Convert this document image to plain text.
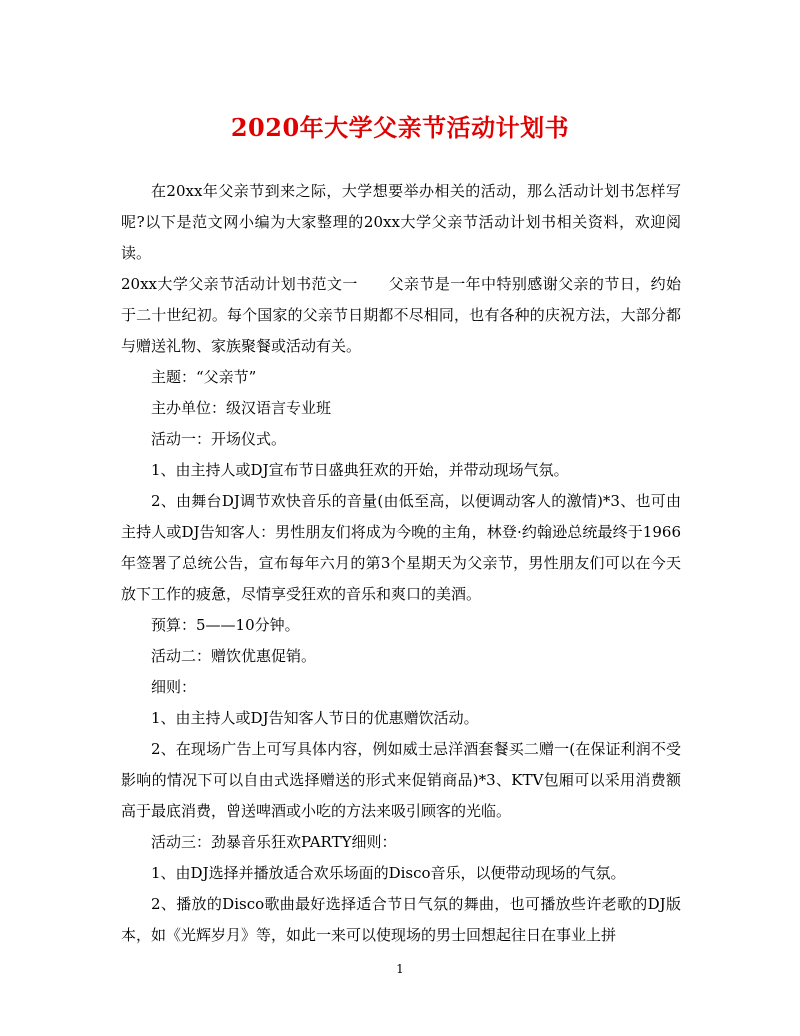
2020年大学父亲节活动计划书

在20xx年父亲节到来之际，大学想要举办相关的活动，那么活动计划书怎样写呢?以下是范文网小编为大家整理的20xx大学父亲节活动计划书相关资料，欢迎阅读。

20xx大学父亲节活动计划书范文一　　父亲节是一年中特别感谢父亲的节日，约始于二十世纪初。每个国家的父亲节日期都不尽相同，也有各种的庆祝方法，大部分都与赠送礼物、家族聚餐或活动有关。

主题：“父亲节”

主办单位：级汉语言专业班

活动一：开场仪式。

1、由主持人或DJ宣布节日盛典狂欢的开始，并带动现场气氛。

2、由舞台DJ调节欢快音乐的音量(由低至高，以便调动客人的激情)*3、也可由主持人或DJ告知客人：男性朋友们将成为今晚的主角，林登·约翰逊总统最终于1966年签署了总统公告，宣布每年六月的第3个星期天为父亲节，男性朋友们可以在今天放下工作的疲惫，尽情享受狂欢的音乐和爽口的美酒。

预算：5——10分钟。

活动二：赠饮优惠促销。

细则：

1、由主持人或DJ告知客人节日的优惠赠饮活动。

2、在现场广告上可写具体内容，例如威士忌洋酒套餐买二赠一(在保证利润不受影响的情况下可以自由式选择赠送的形式来促销商品)*3、KTV包厢可以采用消费额高于最底消费，曾送啤酒或小吃的方法来吸引顾客的光临。

活动三：劲暴音乐狂欢PARTY细则：

1、由DJ选择并播放适合欢乐场面的Disco音乐，以便带动现场的气氛。

2、播放的Disco歌曲最好选择适合节日气氛的舞曲，也可播放些许老歌的DJ版本，如《光辉岁月》等，如此一来可以使现场的男士回想起往日在事业上拼

1
